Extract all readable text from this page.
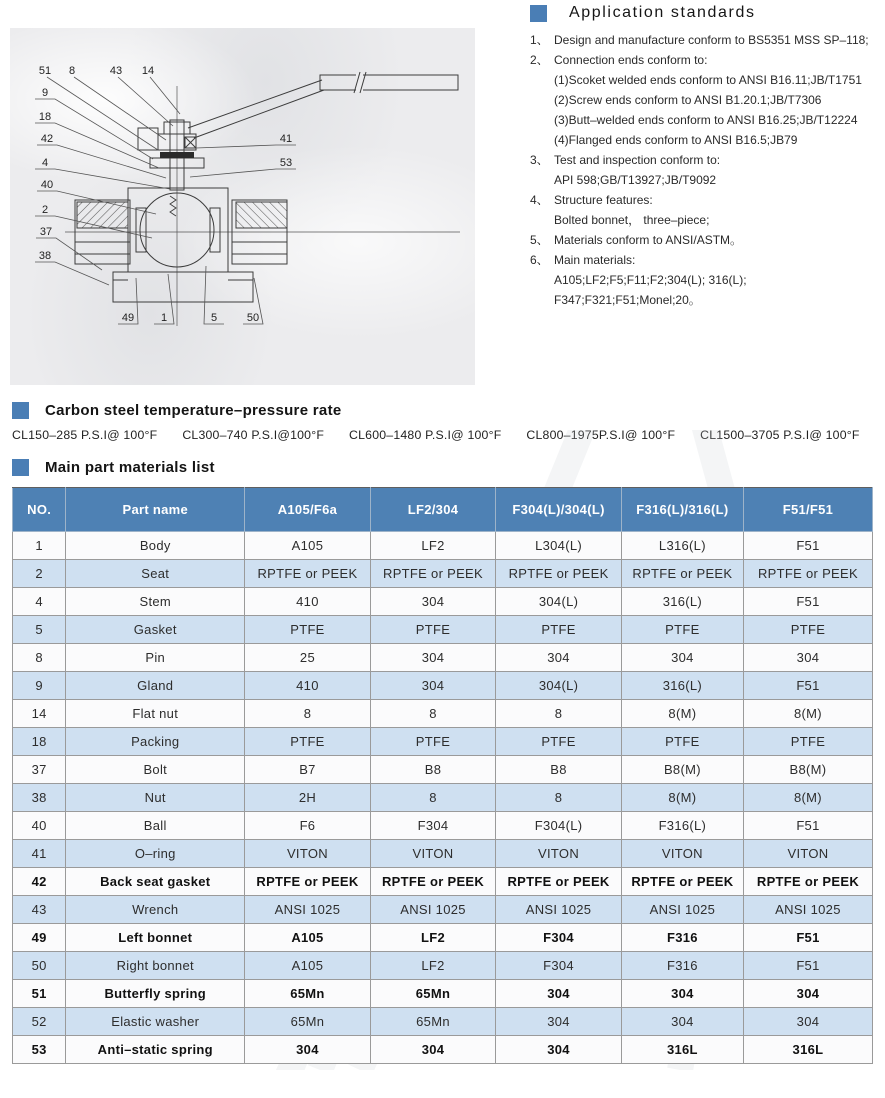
51 8	43 14
9
18
42
4
40
2
37
38
41
53
49 1	5	50
Application standards
1、 Design and manufacture conform to BS5351 MSS SP–118;
2、 Connection ends conform to:
(1)Scoket welded ends conform to ANSI B16.11;JB/T1751
(2)Screw ends conform to ANSI B1.20.1;JB/T7306
(3)Butt–welded ends conform to ANSI B16.25;JB/T12224
(4)Flanged ends conform to ANSI B16.5;JB79
3、 Test and inspection conform to:
API 598;GB/T13927;JB/T9092
4、 Structure features:
Bolted bonnet， three–piece;
5、 Materials conform to ANSI/ASTM。
6、 Main materials:
A105;LF2;F5;F11;F2;304(L); 316(L);
F347;F321;F51;Monel;20。
Carbon steel temperature–pressure rate
CL150–285 P.S.I@ 100°F CL300–740 P.S.I@100°F CL600–1480 P.S.I@ 100°F CL800–1975P.S.I@ 100°F CL1500–3705 P.S.I@ 100°F
Main part materials list
NO.	Part name	A105/F6a	LF2/304	F304(L)/304(L)	F316(L)/316(L)	F51/F51
1	Body	A105	LF2	L304(L)	L316(L)	F51
2	Seat	RPTFE or PEEK	RPTFE or PEEK	RPTFE or PEEK	RPTFE or PEEK	RPTFE or PEEK
4	Stem	410	304	304(L)	316(L)	F51
5	Gasket	PTFE	PTFE	PTFE	PTFE	PTFE
8	Pin	25	304	304	304	304
9	Gland	410	304	304(L)	316(L)	F51
14	Flat nut	8	8	8	8(M)	8(M)
18	Packing	PTFE	PTFE	PTFE	PTFE	PTFE
37	Bolt	B7	B8	B8	B8(M)	B8(M)
38	Nut	2H	8	8	8(M)	8(M)
40	Ball	F6	F304	F304(L)	F316(L)	F51
41	O–ring	VITON	VITON	VITON	VITON	VITON
42	Back seat gasket	RPTFE or PEEK	RPTFE or PEEK	RPTFE or PEEK	RPTFE or PEEK	RPTFE or PEEK
43	Wrench	ANSI 1025	ANSI 1025	ANSI 1025	ANSI 1025	ANSI 1025
49	Left bonnet	A105	LF2	F304	F316	F51
50	Right bonnet	A105	LF2	F304	F316	F51
51	Butterfly spring	65Mn	65Mn	304	304	304
52	Elastic washer	65Mn	65Mn	304	304	304
53	Anti–static spring	304	304	304	316L	316L
